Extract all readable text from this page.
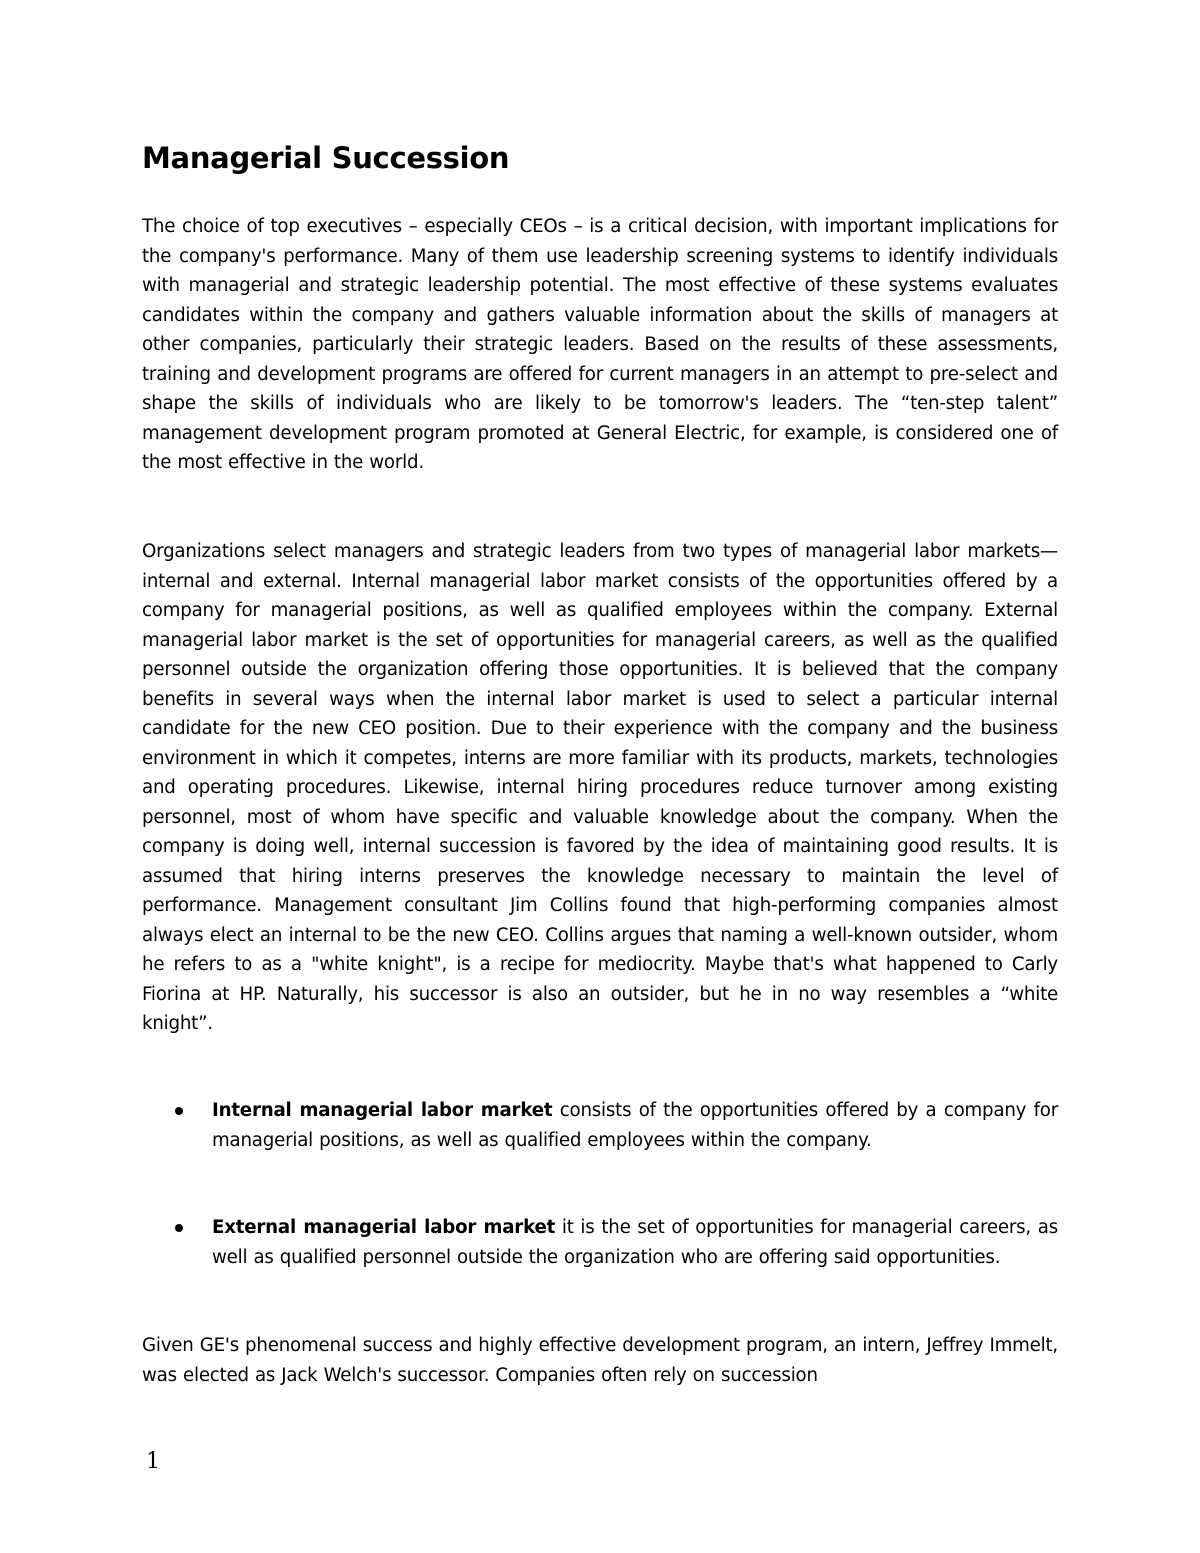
Managerial Succession

The choice of top executives – especially CEOs – is a critical decision, with important implications for the company's performance. Many of them use leadership screening systems to identify individuals with managerial and strategic leadership potential. The most effective of these systems evaluates candidates within the company and gathers valuable information about the skills of managers at other companies, particularly their strategic leaders. Based on the results of these assessments, training and development programs are offered for current managers in an attempt to pre-select and shape the skills of individuals who are likely to be tomorrow's leaders. The “ten-step talent” management development program promoted at General Electric, for example, is considered one of the most effective in the world.

Organizations select managers and strategic leaders from two types of managerial labor markets—internal and external. Internal managerial labor market consists of the opportunities offered by a company for managerial positions, as well as qualified employees within the company. External managerial labor market is the set of opportunities for managerial careers, as well as the qualified personnel outside the organization offering those opportunities. It is believed that the company benefits in several ways when the internal labor market is used to select a particular internal candidate for the new CEO position. Due to their experience with the company and the business environment in which it competes, interns are more familiar with its products, markets, technologies and operating procedures. Likewise, internal hiring procedures reduce turnover among existing personnel, most of whom have specific and valuable knowledge about the company. When the company is doing well, internal succession is favored by the idea of maintaining good results. It is assumed that hiring interns preserves the knowledge necessary to maintain the level of performance. Management consultant Jim Collins found that high-performing companies almost always elect an internal to be the new CEO. Collins argues that naming a well-known outsider, whom he refers to as a "white knight", is a recipe for mediocrity. Maybe that's what happened to Carly Fiorina at HP. Naturally, his successor is also an outsider, but he in no way resembles a “white knight”.

Internal managerial labor market consists of the opportunities offered by a company for managerial positions, as well as qualified employees within the company.

External managerial labor market it is the set of opportunities for managerial careers, as well as qualified personnel outside the organization who are offering said opportunities.

Given GE's phenomenal success and highly effective development program, an intern, Jeffrey Immelt, was elected as Jack Welch's successor. Companies often rely on succession

1
